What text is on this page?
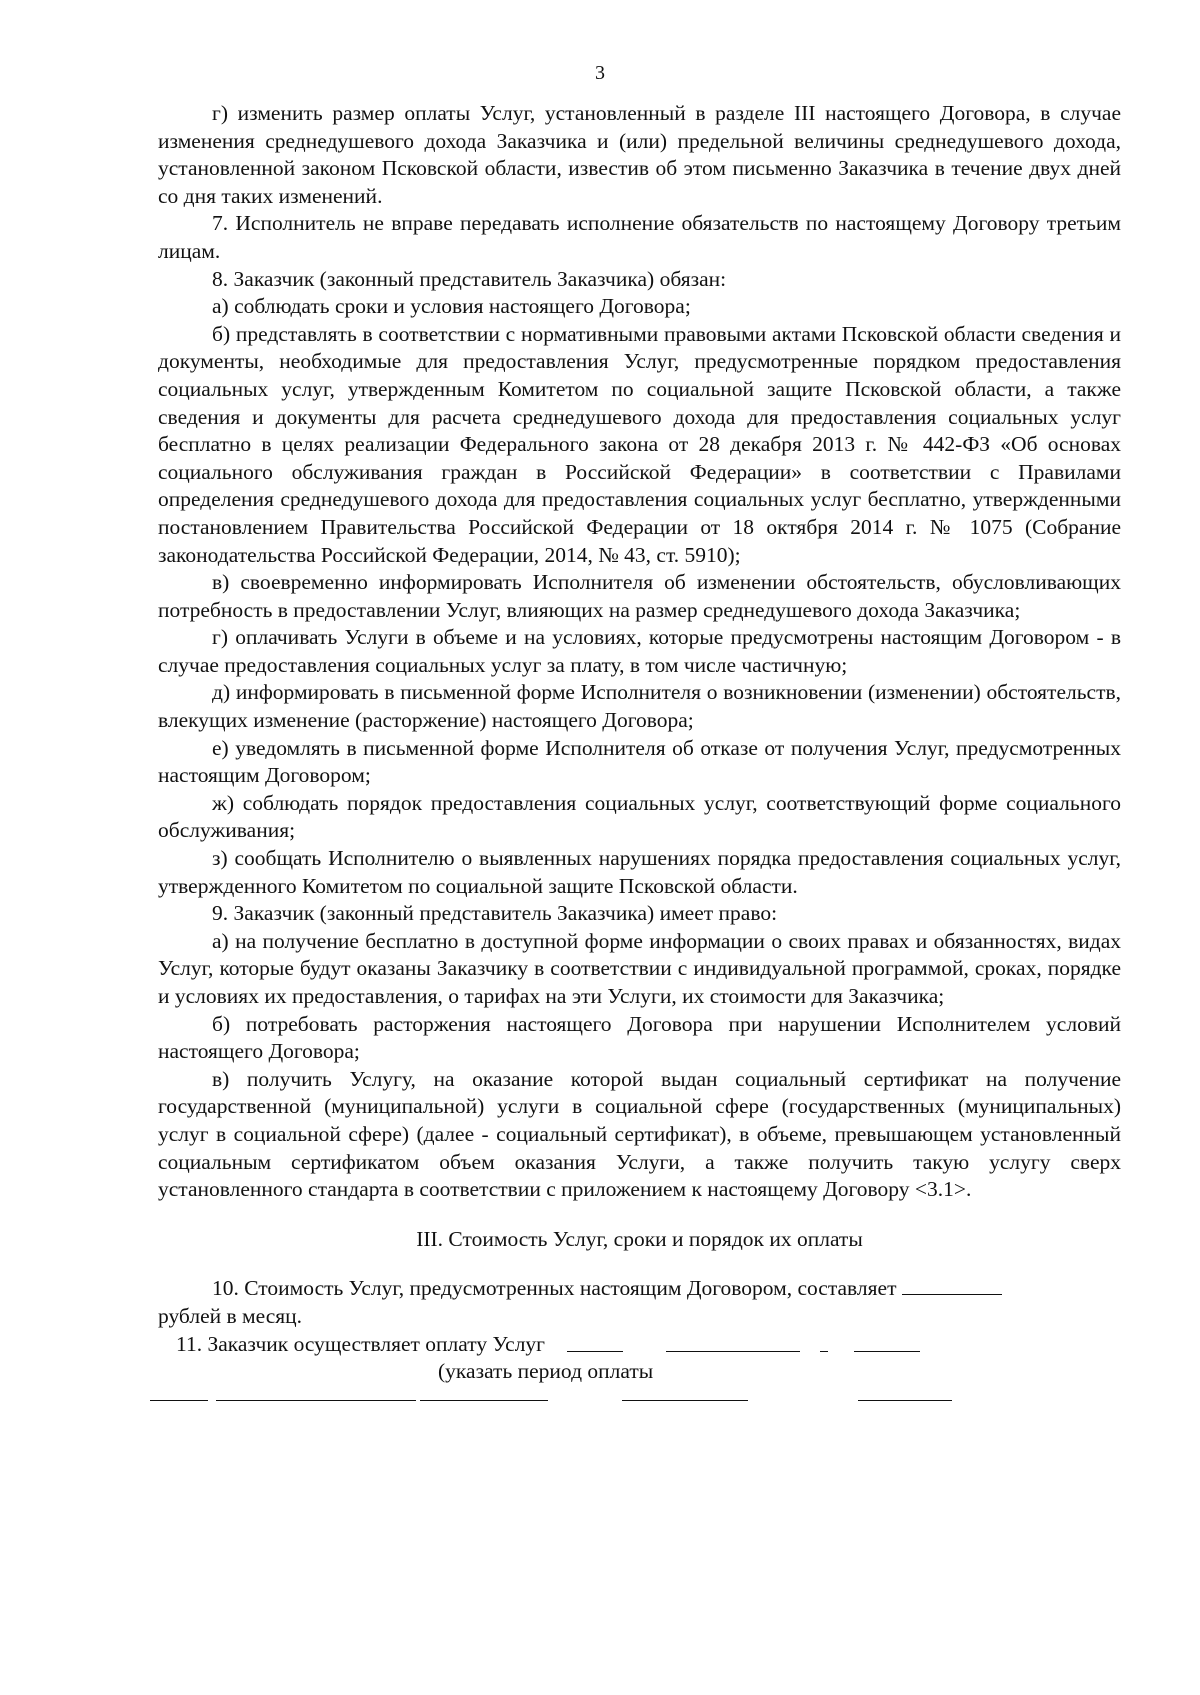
3

г) изменить размер оплаты Услуг, установленный в разделе III настоящего Договора, в случае изменения среднедушевого дохода Заказчика и (или) предельной величины среднедушевого дохода, установленной законом Псковской области, известив об этом письменно Заказчика в течение двух дней со дня таких изменений.

7. Исполнитель не вправе передавать исполнение обязательств по настоящему Договору третьим лицам.

8. Заказчик (законный представитель Заказчика) обязан:

а) соблюдать сроки и условия настоящего Договора;

б) представлять в соответствии с нормативными правовыми актами Псковской области сведения и документы, необходимые для предоставления Услуг, предусмотренные порядком предоставления социальных услуг, утвержденным Комитетом по социальной защите Псковской области, а также сведения и документы для расчета среднедушевого дохода для предоставления социальных услуг бесплатно в целях реализации Федерального закона от 28 декабря 2013 г. № 442-ФЗ «Об основах социального обслуживания граждан в Российской Федерации» в соответствии с Правилами определения среднедушевого дохода для предоставления социальных услуг бесплатно, утвержденными постановлением Правительства Российской Федерации от 18 октября 2014 г. № 1075 (Собрание законодательства Российской Федерации, 2014, № 43, ст. 5910);

в) своевременно информировать Исполнителя об изменении обстоятельств, обусловливающих потребность в предоставлении Услуг, влияющих на размер среднедушевого дохода Заказчика;

г) оплачивать Услуги в объеме и на условиях, которые предусмотрены настоящим Договором - в случае предоставления социальных услуг за плату, в том числе частичную;

д) информировать в письменной форме Исполнителя о возникновении (изменении) обстоятельств, влекущих изменение (расторжение) настоящего Договора;

е) уведомлять в письменной форме Исполнителя об отказе от получения Услуг, предусмотренных настоящим Договором;

ж) соблюдать порядок предоставления социальных услуг, соответствующий форме социального обслуживания;

з) сообщать Исполнителю о выявленных нарушениях порядка предоставления социальных услуг, утвержденного Комитетом по социальной защите Псковской области.

9. Заказчик (законный представитель Заказчика) имеет право:

а) на получение бесплатно в доступной форме информации о своих правах и обязанностях, видах Услуг, которые будут оказаны Заказчику в соответствии с индивидуальной программой, сроках, порядке и условиях их предоставления, о тарифах на эти Услуги, их стоимости для Заказчика;

б) потребовать расторжения настоящего Договора при нарушении Исполнителем условий настоящего Договора;

в) получить Услугу, на оказание которой выдан социальный сертификат на получение государственной (муниципальной) услуги в социальной сфере (государственных (муниципальных) услуг в социальной сфере) (далее - социальный сертификат), в объеме, превышающем установленный социальным сертификатом объем оказания Услуги, а также получить такую услугу сверх установленного стандарта в соответствии с приложением к настоящему Договору <3.1>.

III. Стоимость Услуг, сроки и порядок их оплаты

10. Стоимость Услуг, предусмотренных настоящим Договором, составляет

рублей в месяц.

11. Заказчик осуществляет оплату Услуг
(указать период оплаты
